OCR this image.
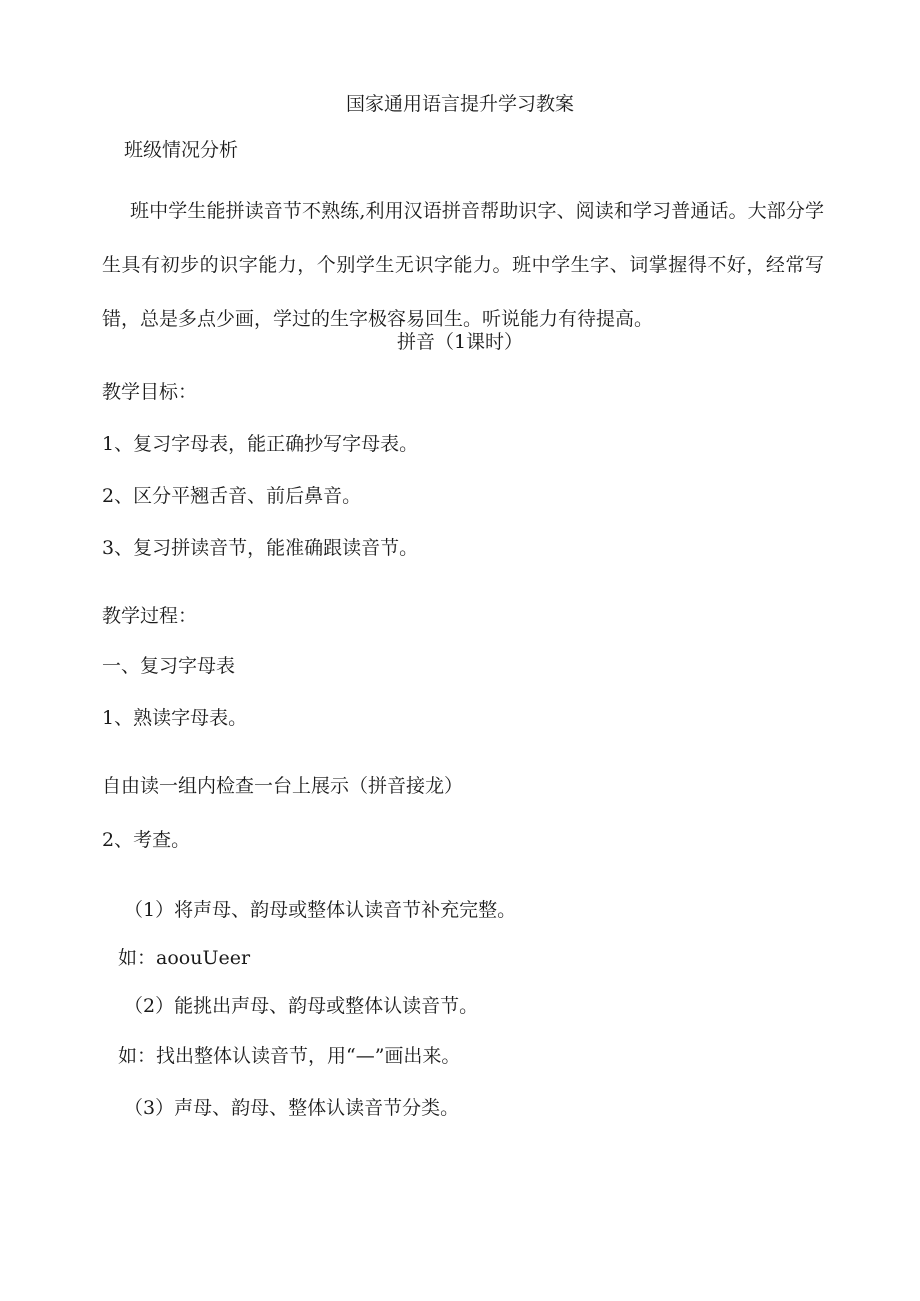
国家通用语言提升学习教案
班级情况分析
班中学生能拼读音节不熟练,利用汉语拼音帮助识字、阅读和学习普通话。大部分学生具有初步的识字能力，个别学生无识字能力。班中学生字、词掌握得不好，经常写错，总是多点少画，学过的生字极容易回生。听说能力有待提高。
拼音（1课时）
教学目标：
1、复习字母表，能正确抄写字母表。
2、区分平翘舌音、前后鼻音。
3、复习拼读音节，能准确跟读音节。
教学过程：
一、复习字母表
1、熟读字母表。
自由读一组内检查一台上展示（拼音接龙）
2、考查。
（1）将声母、韵母或整体认读音节补充完整。
如：aoouUeer
（2）能挑出声母、韵母或整体认读音节。
如：找出整体认读音节，用“—”画出来。
（3）声母、韵母、整体认读音节分类。
